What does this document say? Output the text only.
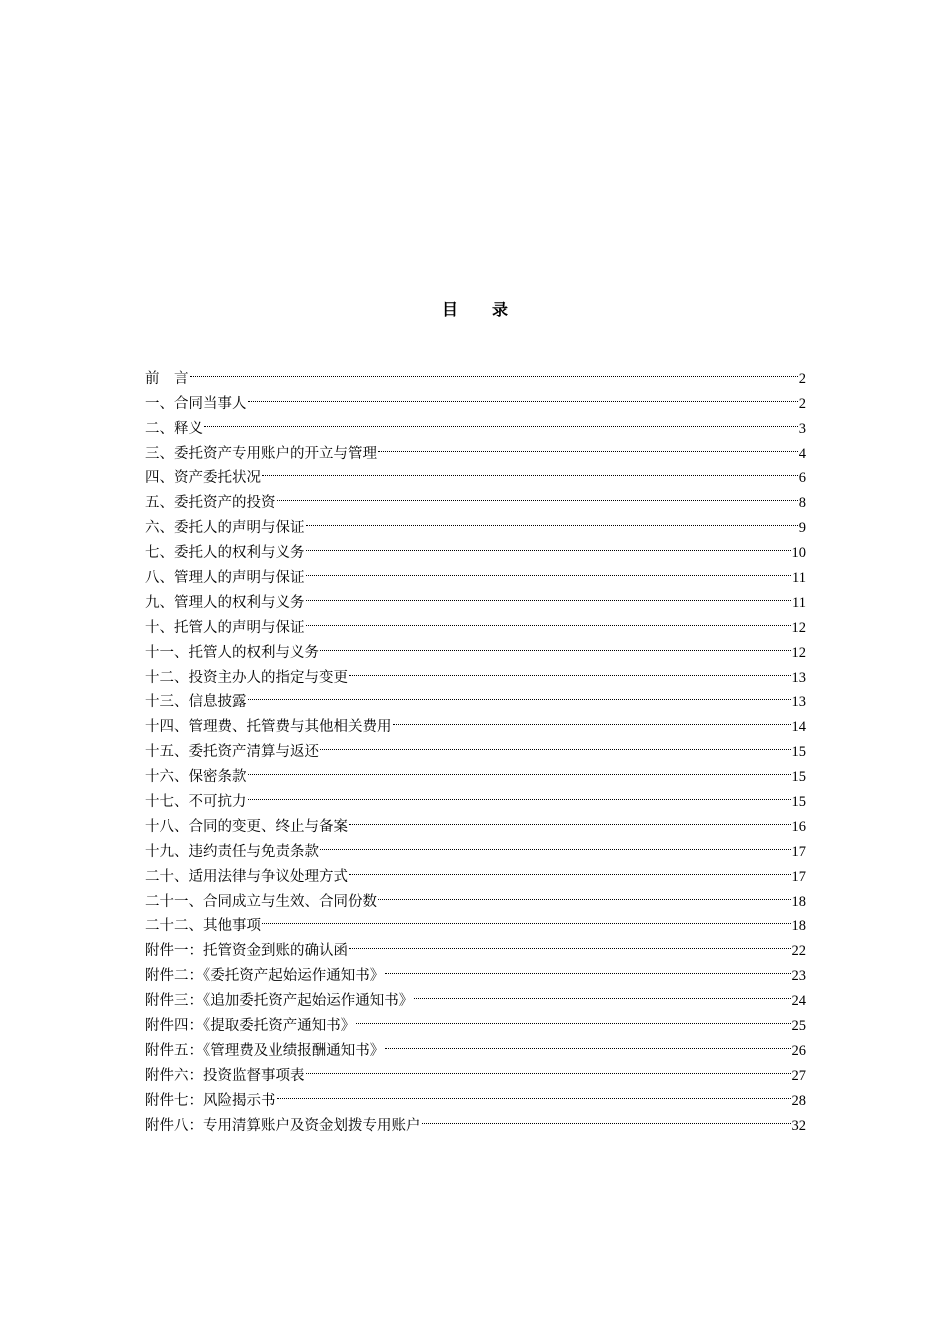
目 录
前　言	2
一、合同当事人	2
二、释义	3
三、委托资产专用账户的开立与管理	4
四、资产委托状况	6
五、委托资产的投资	8
六、委托人的声明与保证	9
七、委托人的权利与义务	10
八、管理人的声明与保证	11
九、管理人的权利与义务	11
十、托管人的声明与保证	12
十一、托管人的权利与义务	12
十二、投资主办人的指定与变更	13
十三、信息披露	13
十四、管理费、托管费与其他相关费用	14
十五、委托资产清算与返还	15
十六、保密条款	15
十七、不可抗力	15
十八、合同的变更、终止与备案	16
十九、违约责任与免责条款	17
二十、适用法律与争议处理方式	17
二十一、合同成立与生效、合同份数	18
二十二、其他事项	18
附件一：托管资金到账的确认函	22
附件二：《委托资产起始运作通知书》	23
附件三：《追加委托资产起始运作通知书》	24
附件四：《提取委托资产通知书》	25
附件五：《管理费及业绩报酬通知书》	26
附件六：投资监督事项表	27
附件七：风险揭示书	28
附件八：专用清算账户及资金划拨专用账户	32
